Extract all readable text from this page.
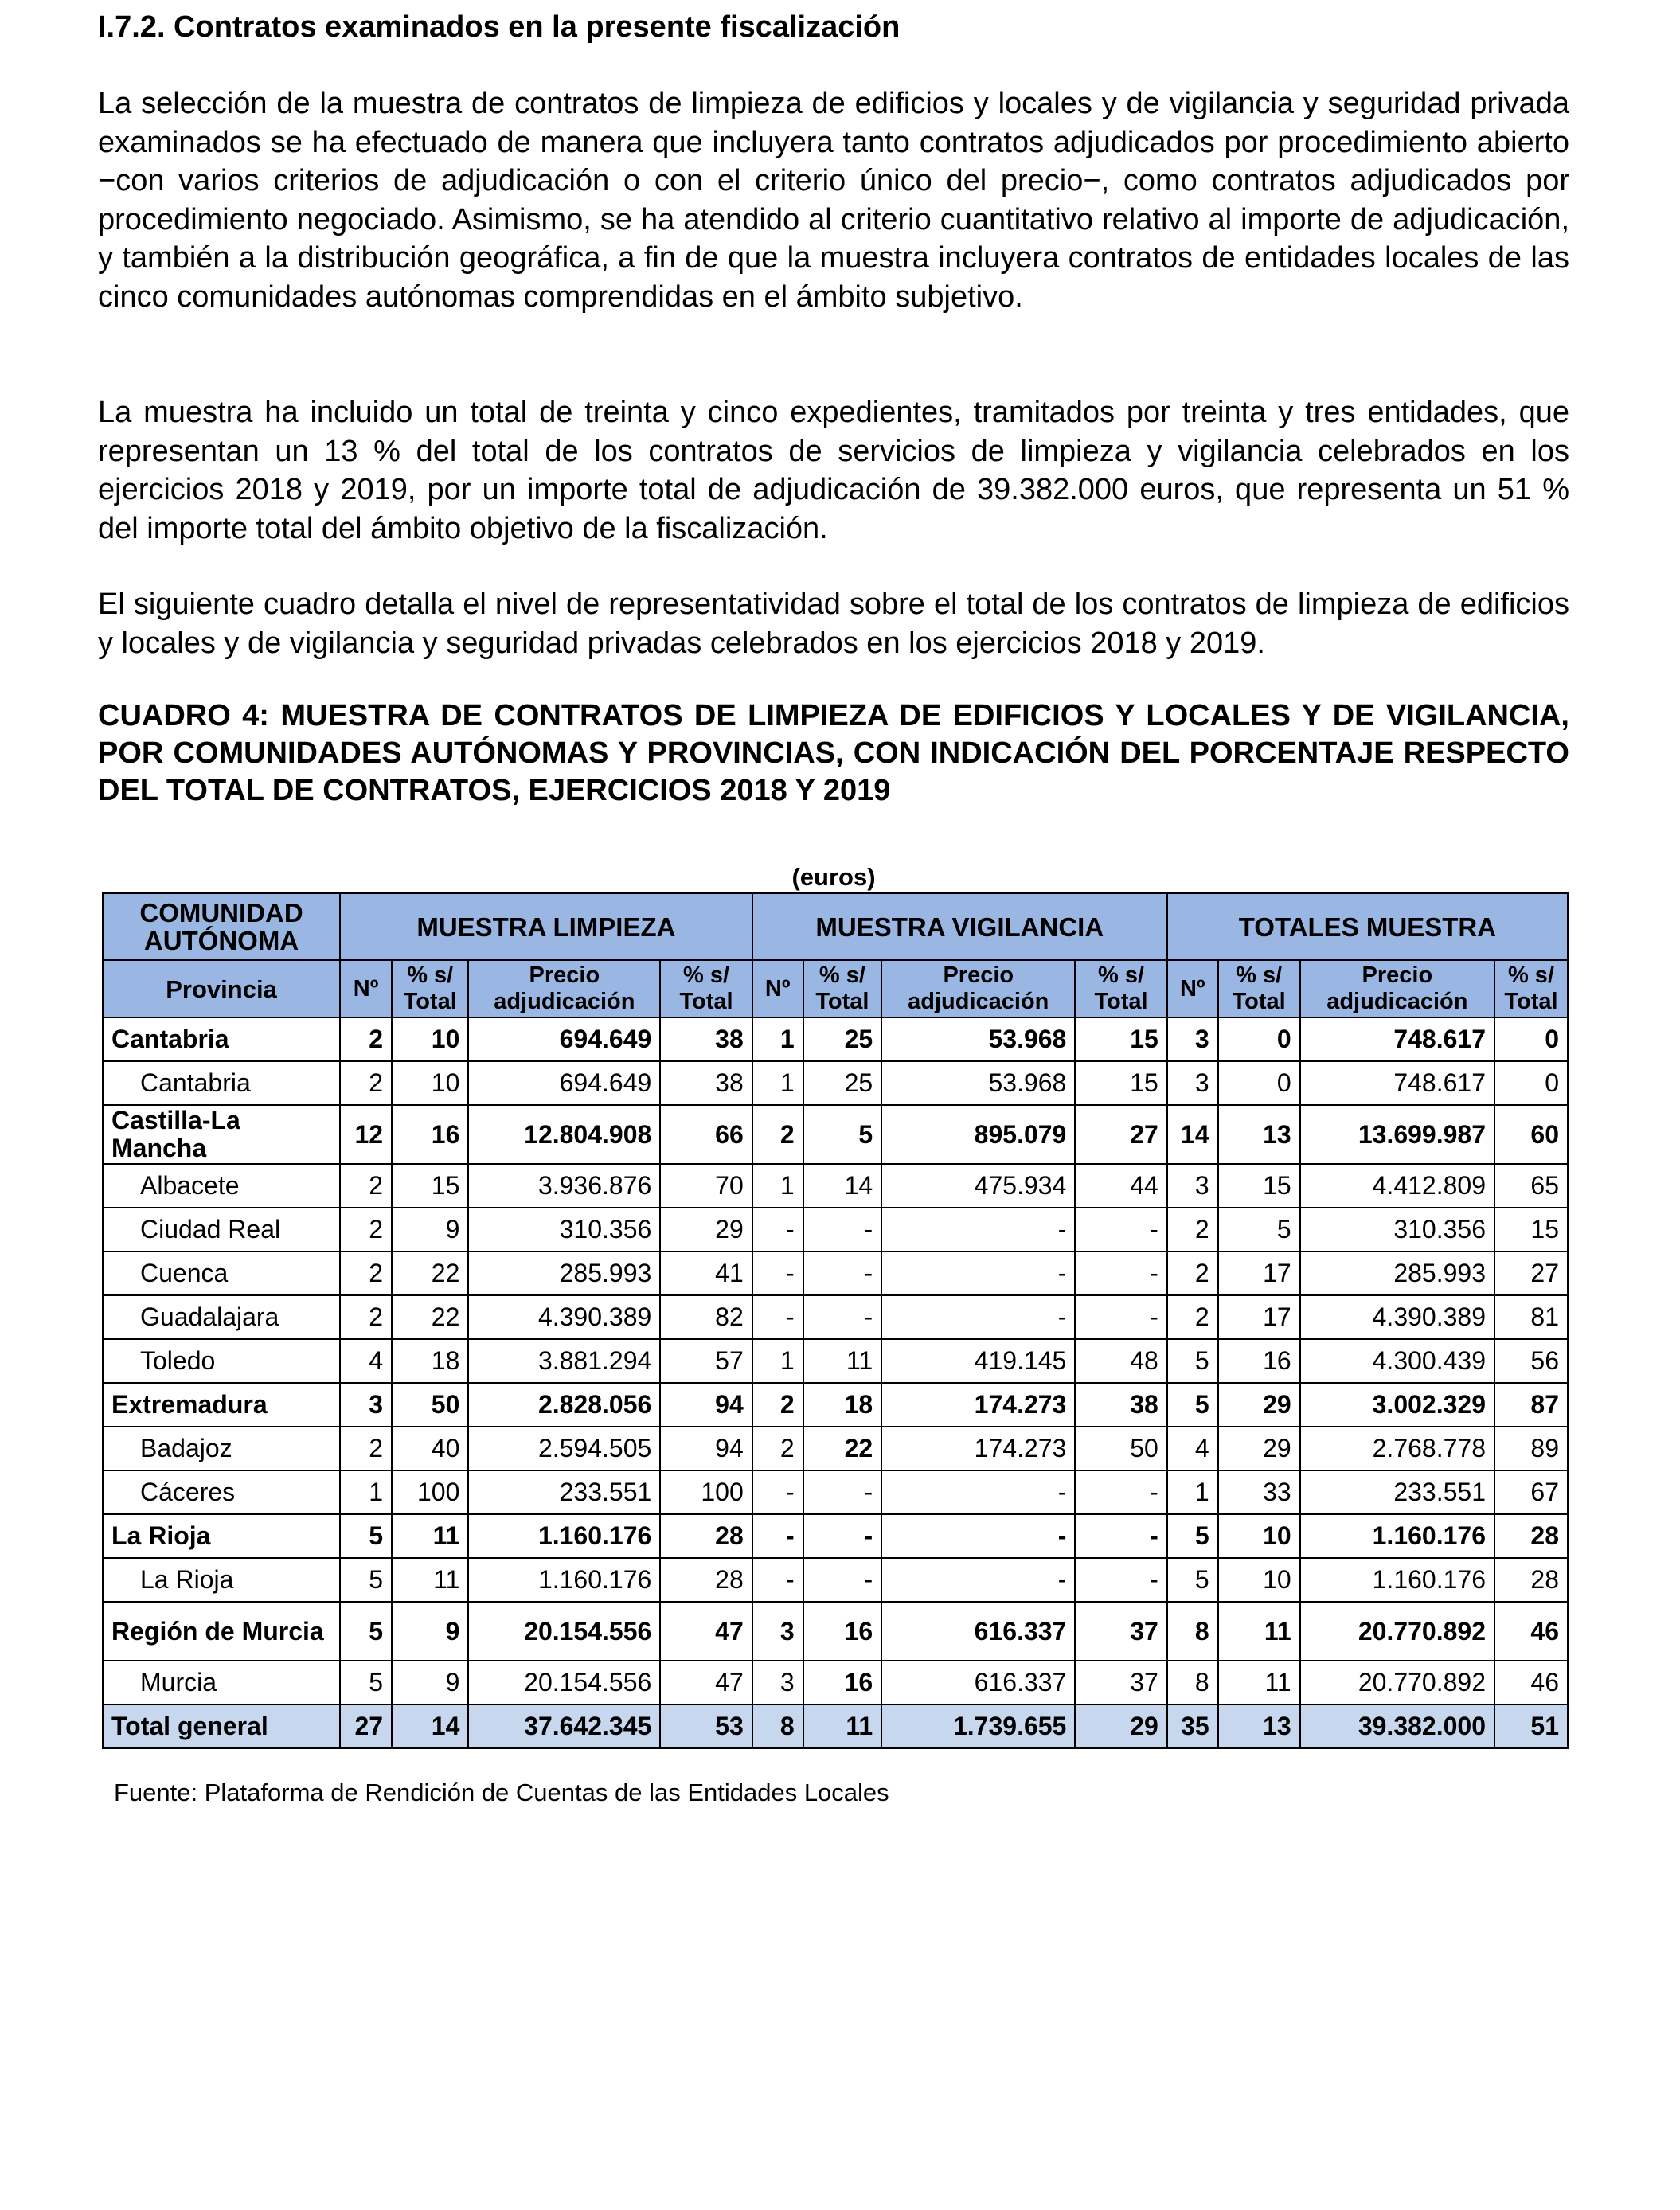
I.7.2. Contratos examinados en la presente fiscalización

La selección de la muestra de contratos de limpieza de edificios y locales y de vigilancia y seguridad privada examinados se ha efectuado de manera que incluyera tanto contratos adjudicados por procedimiento abierto −con varios criterios de adjudicación o con el criterio único del precio−, como contratos adjudicados por procedimiento negociado. Asimismo, se ha atendido al criterio cuantitativo relativo al importe de adjudicación, y también a la distribución geográfica, a fin de que la muestra incluyera contratos de entidades locales de las cinco comunidades autónomas comprendidas en el ámbito subjetivo.

La muestra ha incluido un total de treinta y cinco expedientes, tramitados por treinta y tres entidades, que representan un 13 % del total de los contratos de servicios de limpieza y vigilancia celebrados en los ejercicios 2018 y 2019, por un importe total de adjudicación de 39.382.000 euros, que representa un 51 % del importe total del ámbito objetivo de la fiscalización.

El siguiente cuadro detalla el nivel de representatividad sobre el total de los contratos de limpieza de edificios y locales y de vigilancia y seguridad privadas celebrados en los ejercicios 2018 y 2019.

CUADRO 4: MUESTRA DE CONTRATOS DE LIMPIEZA DE EDIFICIOS Y LOCALES Y DE VIGILANCIA, POR COMUNIDADES AUTÓNOMAS Y PROVINCIAS, CON INDICACIÓN DEL PORCENTAJE RESPECTO DEL TOTAL DE CONTRATOS, EJERCICIOS 2018 Y 2019

(euros)
COMUNIDAD AUTÓNOMA	MUESTRA LIMPIEZA				MUESTRA VIGILANCIA				TOTALES MUESTRA			
Provincia	Nº	% s/ Total	Precio adjudicación	% s/ Total	Nº	% s/ Total	Precio adjudicación	% s/ Total	Nº	% s/ Total	Precio adjudicación	% s/ Total
Cantabria	2	10	694.649	38	1	25	53.968	15	3	0	748.617	0
Cantabria	2	10	694.649	38	1	25	53.968	15	3	0	748.617	0
Castilla-La Mancha	12	16	12.804.908	66	2	5	895.079	27	14	13	13.699.987	60
Albacete	2	15	3.936.876	70	1	14	475.934	44	3	15	4.412.809	65
Ciudad Real	2	9	310.356	29	-	-	-	-	2	5	310.356	15
Cuenca	2	22	285.993	41	-	-	-	-	2	17	285.993	27
Guadalajara	2	22	4.390.389	82	-	-	-	-	2	17	4.390.389	81
Toledo	4	18	3.881.294	57	1	11	419.145	48	5	16	4.300.439	56
Extremadura	3	50	2.828.056	94	2	18	174.273	38	5	29	3.002.329	87
Badajoz	2	40	2.594.505	94	2	22	174.273	50	4	29	2.768.778	89
Cáceres	1	100	233.551	100	-	-	-	-	1	33	233.551	67
La Rioja	5	11	1.160.176	28	-	-	-	-	5	10	1.160.176	28
La Rioja	5	11	1.160.176	28	-	-	-	-	5	10	1.160.176	28
Región de Murcia	5	9	20.154.556	47	3	16	616.337	37	8	11	20.770.892	46
Murcia	5	9	20.154.556	47	3	16	616.337	37	8	11	20.770.892	46
Total general	27	14	37.642.345	53	8	11	1.739.655	29	35	13	39.382.000	51
Fuente: Plataforma de Rendición de Cuentas de las Entidades Locales
